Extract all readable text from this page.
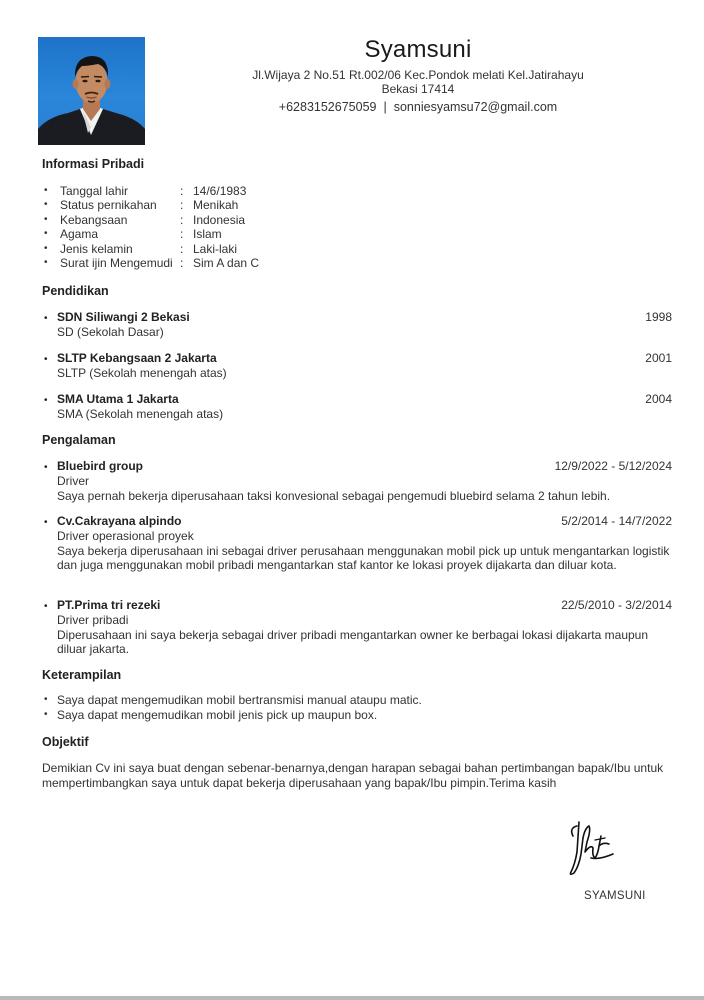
Syamsuni
Jl.Wijaya 2 No.51 Rt.002/06 Kec.Pondok melati Kel.Jatirahayu
Bekasi 17414
+6283152675059 | sonniesyamsu72@gmail.com
Informasi Pribadi
•	Tanggal lahir	: 14/6/1983
•	Status pernikahan	: Menikah
•	Kebangsaan	: Indonesia
•	Agama	: Islam
•	Jenis kelamin	: Laki-laki
•	Surat ijin Mengemudi : Sim A dan C
Pendidikan
• SDN Siliwangi 2 Bekasi	1998
SD (Sekolah Dasar)
• SLTP Kebangsaan 2 Jakarta	2001
SLTP (Sekolah menengah atas)
• SMA Utama 1 Jakarta	2004
SMA (Sekolah menengah atas)
Pengalaman
• Bluebird group	12/9/2022 - 5/12/2024
Driver
Saya pernah bekerja diperusahaan taksi konvesional sebagai pengemudi bluebird selama 2 tahun lebih.
• Cv.Cakrayana alpindo	5/2/2014 - 14/7/2022
Driver operasional proyek
Saya bekerja diperusahaan ini sebagai driver perusahaan menggunakan mobil pick up untuk mengantarkan logistik dan juga menggunakan mobil pribadi mengantarkan staf kantor ke lokasi proyek dijakarta dan diluar kota.
• PT.Prima tri rezeki	22/5/2010 - 3/2/2014
Driver pribadi
Diperusahaan ini saya bekerja sebagai driver pribadi mengantarkan owner ke berbagai lokasi dijakarta maupun diluar jakarta.
Keterampilan
• Saya dapat mengemudikan mobil bertransmisi manual ataupu matic.
• Saya dapat mengemudikan mobil jenis pick up maupun box.
Objektif
Demikian Cv ini saya buat dengan sebenar-benarnya,dengan harapan sebagai bahan pertimbangan bapak/Ibu untuk mempertimbangkan saya untuk dapat bekerja diperusahaan yang bapak/Ibu pimpin.Terima kasih
SYAMSUNI
